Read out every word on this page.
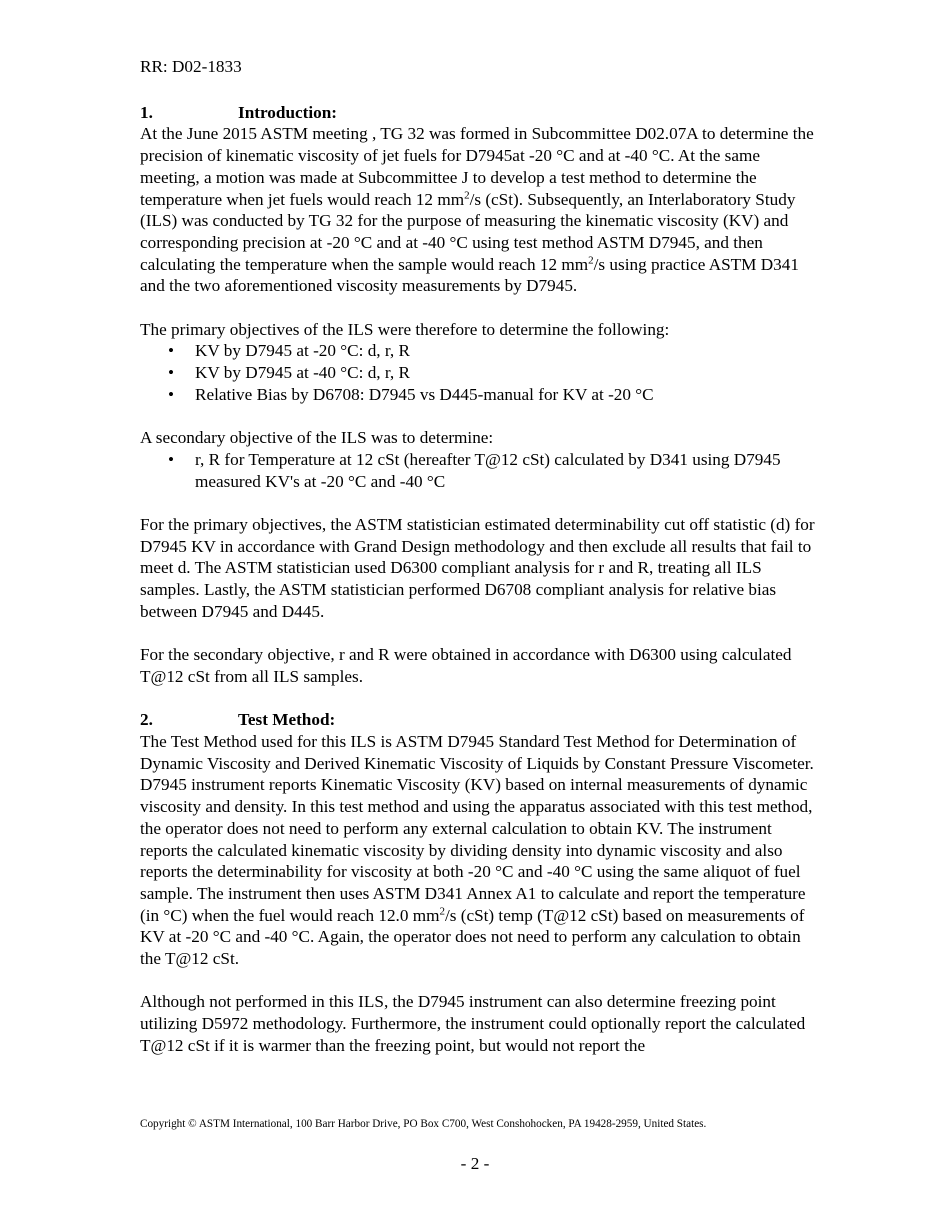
RR: D02-1833
1.	Introduction:

At the June 2015 ASTM meeting , TG 32 was formed in Subcommittee D02.07A to determine the precision of kinematic viscosity of jet fuels for D7945at -20 °C and at -40 °C. At the same meeting, a motion was made at Subcommittee J to develop a test method to determine the temperature when jet fuels would reach 12 $mm^2/s$ (cSt). Subsequently, an Interlaboratory Study (ILS) was conducted by TG 32 for the purpose of measuring the kinematic viscosity (KV) and corresponding precision at -20 °C and at -40 °C using test method ASTM D7945, and then calculating the temperature when the sample would reach 12 $mm^2/s$ using practice ASTM D341 and the two aforementioned viscosity measurements by D7945.

The primary objectives of the ILS were therefore to determine the following:

• KV by D7945 at -20 °C: d, r, R
• KV by D7945 at -40 °C: d, r, R
• Relative Bias by D6708: D7945 vs D445-manual for KV at -20 °C

A secondary objective of the ILS was to determine:

• r, R for Temperature at 12 cSt (hereafter T@12 cSt) calculated by D341 using D7945 measured KV's at -20 °C and -40 °C

For the primary objectives, the ASTM statistician estimated determinability cut off statistic (d) for D7945 KV in accordance with Grand Design methodology and then exclude all results that fail to meet d. The ASTM statistician used D6300 compliant analysis for r and R, treating all ILS samples. Lastly, the ASTM statistician performed D6708 compliant analysis for relative bias between D7945 and D445.

For the secondary objective, r and R were obtained in accordance with D6300 using calculated T@12 cSt from all ILS samples.

2.	Test Method:

The Test Method used for this ILS is ASTM D7945 Standard Test Method for Determination of Dynamic Viscosity and Derived Kinematic Viscosity of Liquids by Constant Pressure Viscometer. D7945 instrument reports Kinematic Viscosity (KV) based on internal measurements of dynamic viscosity and density. In this test method and using the apparatus associated with this test method, the operator does not need to perform any external calculation to obtain KV. The instrument reports the calculated kinematic viscosity by dividing density into dynamic viscosity and also reports the determinability for viscosity at both -20 °C and -40 °C using the same aliquot of fuel sample. The instrument then uses ASTM D341 Annex A1 to calculate and report the temperature (in °C) when the fuel would reach 12.0 $mm^2/s$ (cSt) temp (T@12 cSt) based on measurements of KV at -20 °C and -40 °C. Again, the operator does not need to perform any calculation to obtain the T@12 cSt.

Although not performed in this ILS, the D7945 instrument can also determine freezing point utilizing D5972 methodology. Furthermore, the instrument could optionally report the calculated T@12 cSt if it is warmer than the freezing point, but would not report the

Copyright © ASTM International, 100 Barr Harbor Drive, PO Box C700, West Conshohocken, PA 19428-2959, United States.
- 2 -
